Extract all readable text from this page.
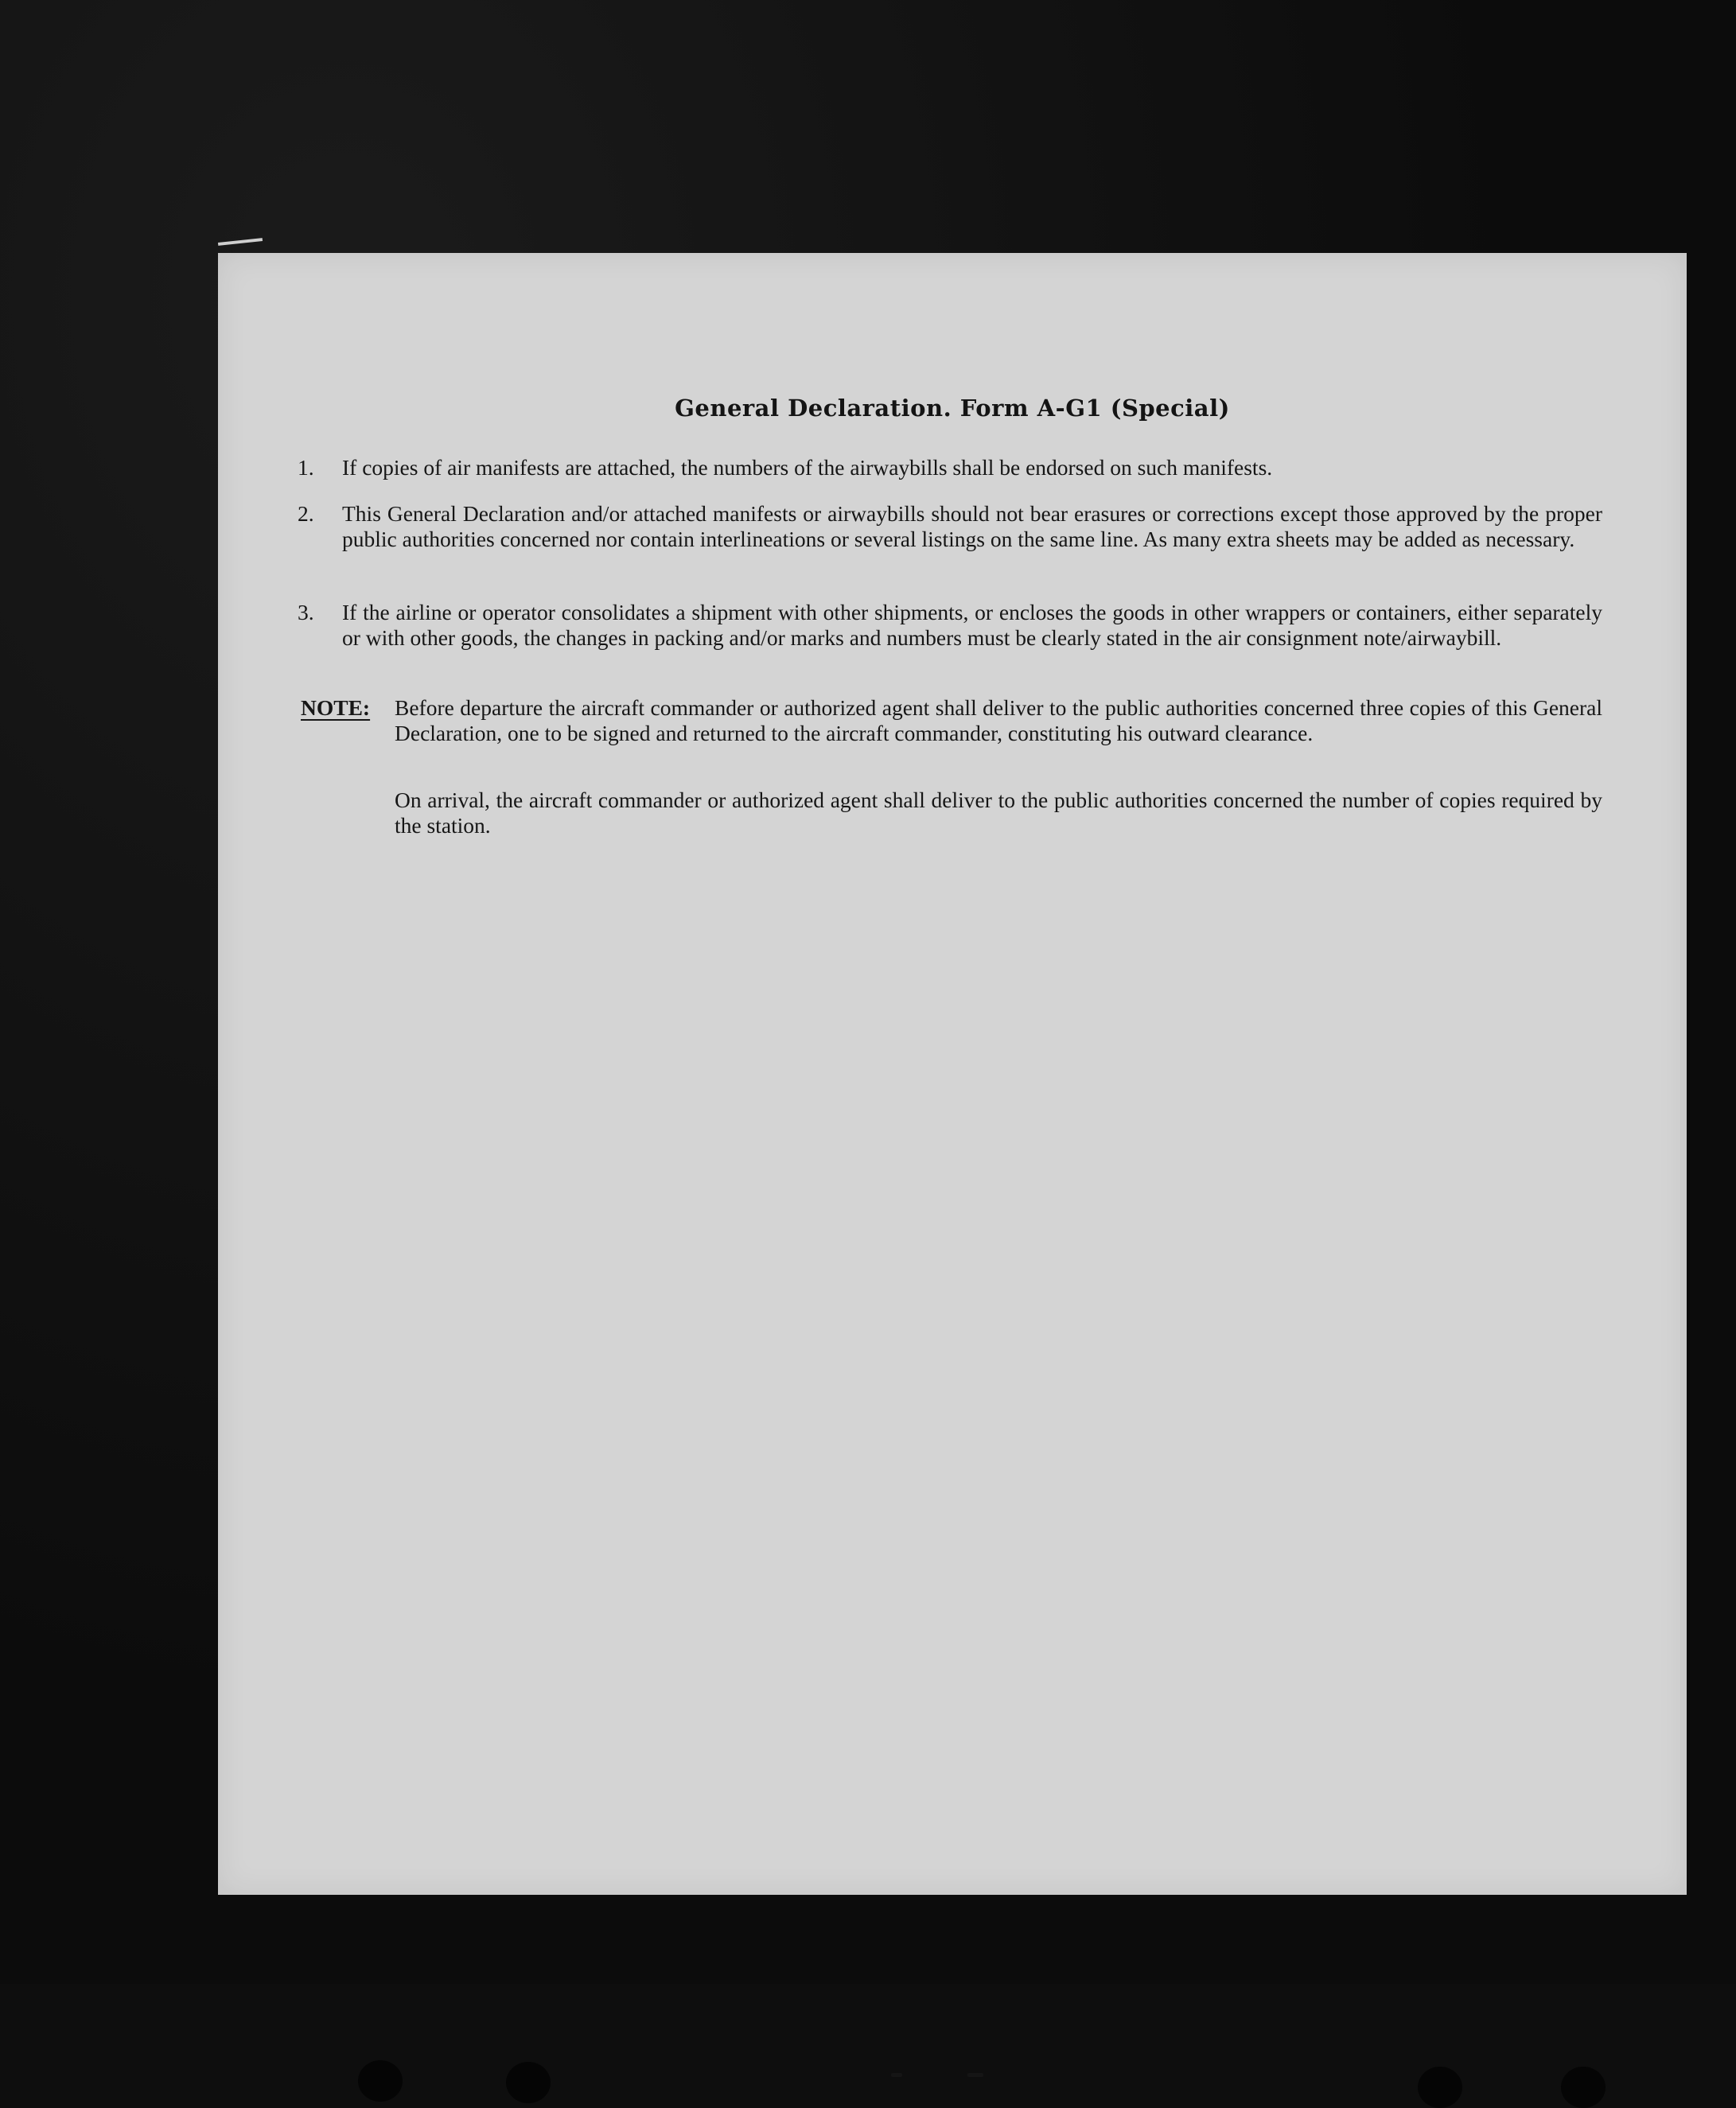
General Declaration. Form A-G1 (Special)
1.	If copies of air manifests are attached, the numbers of the airwaybills shall be endorsed on such manifests.
2.	This General Declaration and/or attached manifests or airwaybills should not bear erasures or corrections except those approved by the proper public authorities concerned nor contain interlineations or several listings on the same line. As many extra sheets may be added as necessary.
3.	If the airline or operator consolidates a shipment with other shipments, or encloses the goods in other wrappers or containers, either separately or with other goods, the changes in packing and/or marks and numbers must be clearly stated in the air consignment note/airwaybill.
NOTE: Before departure the aircraft commander or authorized agent shall deliver to the public authorities concerned three copies of this General Declaration, one to be signed and returned to the aircraft commander, constituting his outward clearance.
On arrival, the aircraft commander or authorized agent shall deliver to the public authorities concerned the number of copies required by the station.
